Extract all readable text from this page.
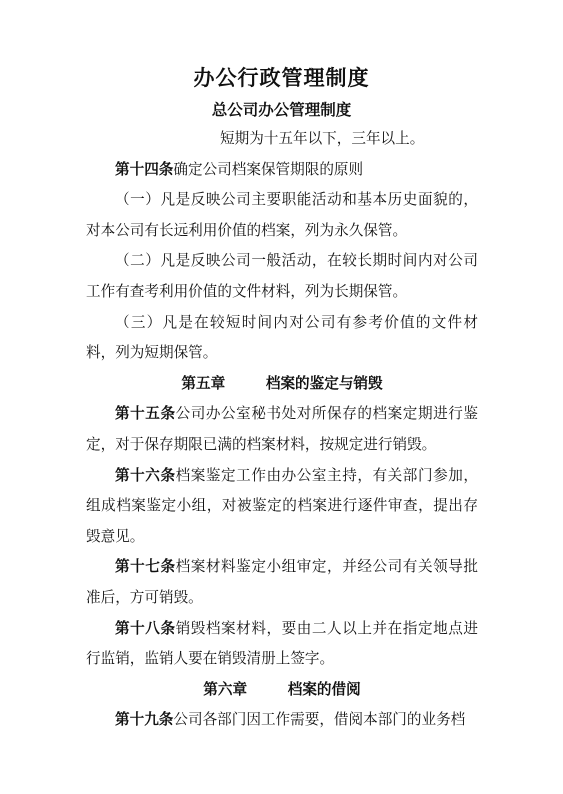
办公行政管理制度
总公司办公管理制度

短期为十五年以下，三年以上。

第十四条确定公司档案保管期限的原则

（一）凡是反映公司主要职能活动和基本历史面貌的，对本公司有长远利用价值的档案，列为永久保管。

（二）凡是反映公司一般活动，在较长期时间内对公司工作有查考利用价值的文件材料，列为长期保管。

（三）凡是在较短时间内对公司有参考价值的文件材料，列为短期保管。

第五章	档案的鉴定与销毁

第十五条公司办公室秘书处对所保存的档案定期进行鉴定，对于保存期限已满的档案材料，按规定进行销毁。

第十六条档案鉴定工作由办公室主持，有关部门参加，组成档案鉴定小组，对被鉴定的档案进行逐件审查，提出存毁意见。

第十七条档案材料鉴定小组审定，并经公司有关领导批准后，方可销毁。

第十八条销毁档案材料，要由二人以上并在指定地点进行监销，监销人要在销毁清册上签字。

第六章	档案的借阅

第十九条公司各部门因工作需要，借阅本部门的业务档
